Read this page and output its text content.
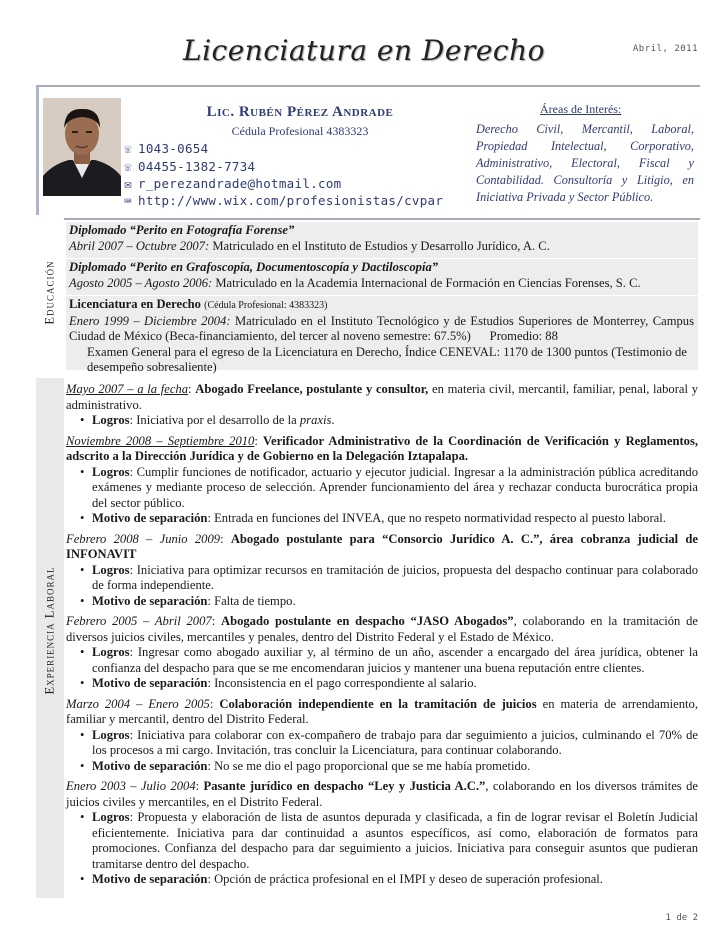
Abril, 2011
Licenciatura en Derecho
Lic. Rubén Pérez Andrade
Cédula Profesional 4383323
☏ 1043-0654
☏ 04455-1382-7734
✉ r_perezandrade@hotmail.com
⌨ http://www.wix.com/profesionistas/cvpar
Áreas de Interés:
Derecho Civil, Mercantil, Laboral, Propiedad Intelectual, Corporativo, Administrativo, Electoral, Fiscal y Contabilidad. Consultoría y Litigio, en Iniciativa Privada y Sector Público.
Educación
Diplomado “Perito en Fotografía Forense”
Abril 2007 – Octubre 2007: Matriculado en el Instituto de Estudios y Desarrollo Jurídico, A. C.
Diplomado “Perito en Grafoscopía, Documentoscopía y Dactiloscopía”
Agosto 2005 – Agosto 2006: Matriculado en la Academia Internacional de Formación en Ciencias Forenses, S. C.
Licenciatura en Derecho (Cédula Profesional: 4383323)
Enero 1999 – Diciembre 2004: Matriculado en el Instituto Tecnológico y de Estudios Superiores de Monterrey, Campus Ciudad de México (Beca-financiamiento, del tercer al noveno semestre: 67.5%)      Promedio: 88
Examen General para el egreso de la Licenciatura en Derecho, Índice CENEVAL: 1170 de 1300 puntos (Testimonio de desempeño sobresaliente)
Experiencia Laboral
Mayo 2007 – a la fecha: Abogado Freelance, postulante y consultor, en materia civil, mercantil, familiar, penal, laboral y administrativo.
• Logros: Iniciativa por el desarrollo de la praxis.
Noviembre 2008 – Septiembre 2010: Verificador Administrativo de la Coordinación de Verificación y Reglamentos, adscrito a la Dirección Jurídica y de Gobierno en la Delegación Iztapalapa.
• Logros: Cumplir funciones de notificador, actuario y ejecutor judicial. Ingresar a la administración pública acreditando exámenes y mediante proceso de selección. Aprender funcionamiento del área y rechazar conducta burocrática propia del sector público.
• Motivo de separación: Entrada en funciones del INVEA, que no respeto normatividad respecto al puesto laboral.
Febrero 2008 – Junio 2009: Abogado postulante para “Consorcio Jurídico A. C.”, área cobranza judicial de INFONAVIT
• Logros: Iniciativa para optimizar recursos en tramitación de juicios, propuesta del despacho continuar para colaborado de forma independiente.
• Motivo de separación: Falta de tiempo.
Febrero 2005 – Abril 2007: Abogado postulante en despacho “JASO Abogados”, colaborando en la tramitación de diversos juicios civiles, mercantiles y penales, dentro del Distrito Federal y el Estado de México.
• Logros: Ingresar como abogado auxiliar y, al término de un año, ascender a encargado del área jurídica, obtener la confianza del despacho para que se me encomendaran juicios y mantener una buena reputación entre clientes.
• Motivo de separación: Inconsistencia en el pago correspondiente al salario.
Marzo 2004 – Enero 2005: Colaboración independiente en la tramitación de juicios en materia de arrendamiento, familiar y mercantil, dentro del Distrito Federal.
• Logros: Iniciativa para colaborar con ex-compañero de trabajo para dar seguimiento a juicios, culminando el 70% de los procesos a mi cargo. Invitación, tras concluir la Licenciatura, para continuar colaborando.
• Motivo de separación: No se me dio el pago proporcional que se me había prometido.
Enero 2003 – Julio 2004: Pasante jurídico en despacho “Ley y Justicia A.C.”, colaborando en los diversos trámites de juicios civiles y mercantiles, en el Distrito Federal.
• Logros: Propuesta y elaboración de lista de asuntos depurada y clasificada, a fin de lograr revisar el Boletín Judicial eficientemente. Iniciativa para dar continuidad a asuntos específicos, así como, elaboración de formatos para promociones. Confianza del despacho para dar seguimiento a juicios. Iniciativa para conseguir asuntos que pudieran tramitarse dentro del despacho.
• Motivo de separación: Opción de práctica profesional en el IMPI y deseo de superación profesional.
1 de 2
